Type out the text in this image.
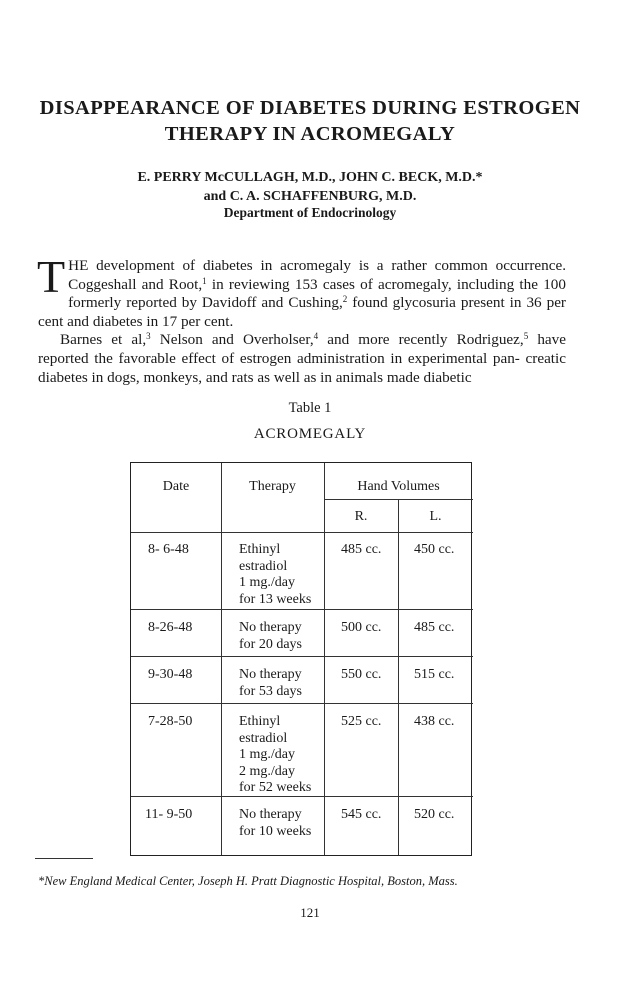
DISAPPEARANCE OF DIABETES DURING ESTROGEN
THERAPY IN ACROMEGALY
E. PERRY McCULLAGH, M.D., JOHN C. BECK, M.D.*
and C. A. SCHAFFENBURG, M.D.
Department of Endocrinology

THE development of diabetes in acromegaly is a rather common occurrence. Coggeshall and Root,$^1$ in reviewing 153 cases of acromegaly, including the 100 formerly reported by Davidoff and Cushing,$^2$ found glycosuria present in 36 per cent and diabetes in 17 per cent.

Barnes et al,$^3$ Nelson and Overholser,$^4$ and more recently Rodriguez,$^5$ have reported the favorable effect of estrogen administration in experimental pan- creatic diabetes in dogs, monkeys, and rats as well as in animals made diabetic

Table 1
ACROMEGALY
Date	Therapy	Hand Volumes
R.	L.
8- 6-48	Ethinyl
estradiol
1 mg./day
for 13 weeks
485 cc. 450 cc.
8-26-48	No therapy
for 20 days
500 cc. 485 cc.
9-30-48	No therapy
for 53 days
550 cc. 515 cc.
7-28-50	Ethinyl
estradiol
1 mg./day
2 mg./day
for 52 weeks
525 cc. 438 cc.
11- 9-50	No therapy
for 10 weeks
545 cc. 520 cc.
*New England Medical Center, Joseph H. Pratt Diagnostic Hospital, Boston, Mass.
121
